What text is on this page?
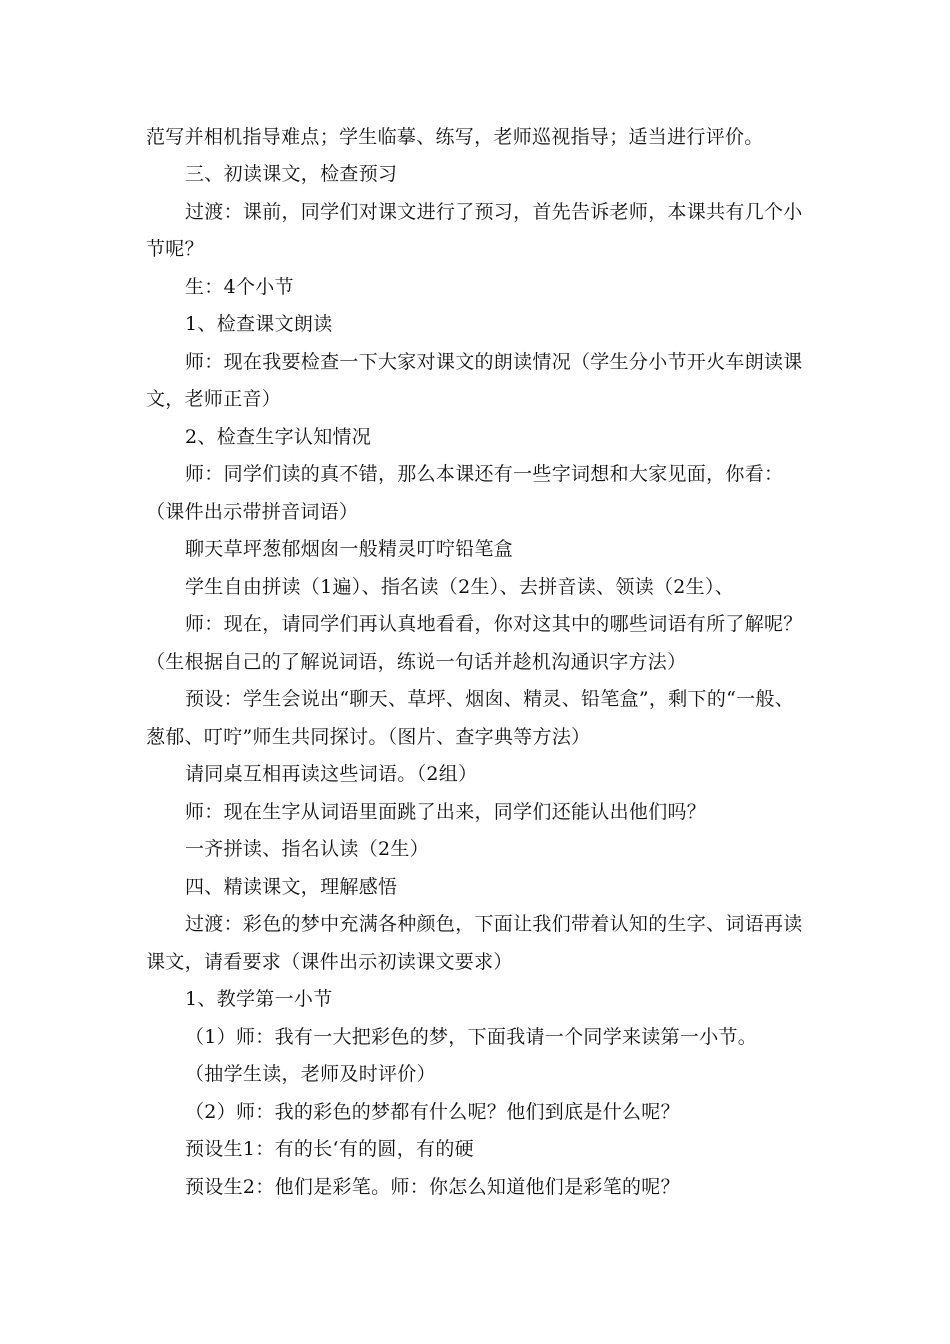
范写并相机指导难点；学生临摹、练写，老师巡视指导；适当进行评价。
三、初读课文，检查预习
过渡：课前，同学们对课文进行了预习，首先告诉老师，本课共有几个小
节呢？
生：4个小节
1、检查课文朗读
师：现在我要检查一下大家对课文的朗读情况（学生分小节开火车朗读课
文，老师正音）
2、检查生字认知情况
师：同学们读的真不错，那么本课还有一些字词想和大家见面，你看：
（课件出示带拼音词语）
聊天草坪葱郁烟囱一般精灵叮咛铅笔盒
学生自由拼读（1遍）、指名读（2生）、去拼音读、领读（2生）、
师：现在，请同学们再认真地看看，你对这其中的哪些词语有所了解呢？
（生根据自己的了解说词语，练说一句话并趁机沟通识字方法）
预设：学生会说出“聊天、草坪、烟囱、精灵、铅笔盒”，剩下的“一般、
葱郁、叮咛”师生共同探讨。（图片、查字典等方法）
请同桌互相再读这些词语。（2组）
师：现在生字从词语里面跳了出来，同学们还能认出他们吗？
一齐拼读、指名认读（2生）
四、精读课文，理解感悟
过渡：彩色的梦中充满各种颜色，下面让我们带着认知的生字、词语再读
课文，请看要求（课件出示初读课文要求）
1、教学第一小节
（1）师：我有一大把彩色的梦，下面我请一个同学来读第一小节。
（抽学生读，老师及时评价）
（2）师：我的彩色的梦都有什么呢？他们到底是什么呢？
预设生1：有的长‘有的圆，有的硬
预设生2：他们是彩笔。师：你怎么知道他们是彩笔的呢？
